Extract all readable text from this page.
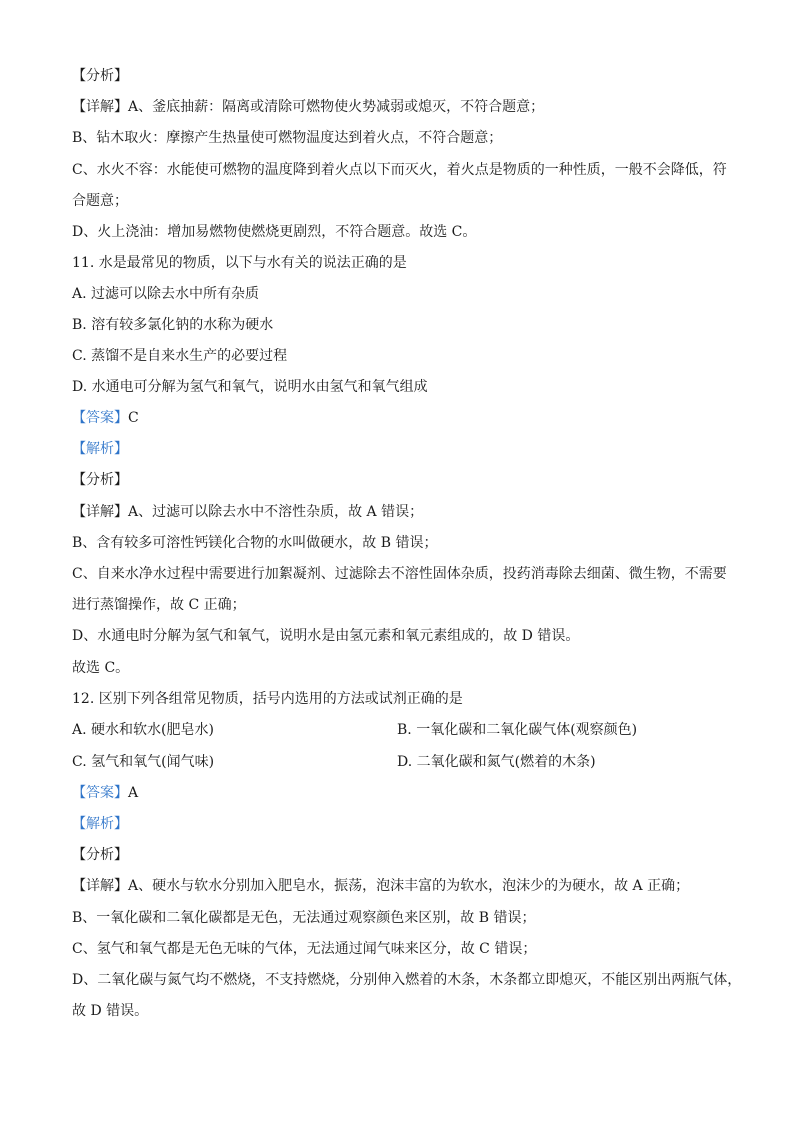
【分析】
【详解】A、釜底抽薪：隔离或清除可燃物使火势减弱或熄灭，不符合题意；
B、钻木取火：摩擦产生热量使可燃物温度达到着火点，不符合题意；
C、水火不容：水能使可燃物的温度降到着火点以下而灭火，着火点是物质的一种性质，一般不会降低，符
合题意；
D、火上浇油：增加易燃物使燃烧更剧烈，不符合题意。故选 C。
11. 水是最常见的物质，以下与水有关的说法正确的是
A. 过滤可以除去水中所有杂质
B. 溶有较多氯化钠的水称为硬水
C. 蒸馏不是自来水生产的必要过程
D. 水通电可分解为氢气和氧气，说明水由氢气和氧气组成
【答案】C
【解析】
【分析】
【详解】A、过滤可以除去水中不溶性杂质，故 A 错误；
B、含有较多可溶性钙镁化合物的水叫做硬水，故 B 错误；
C、自来水净水过程中需要进行加絮凝剂、过滤除去不溶性固体杂质，投药消毒除去细菌、微生物，不需要
进行蒸馏操作，故 C 正确；
D、水通电时分解为氢气和氧气，说明水是由氢元素和氧元素组成的，故 D 错误。
故选 C。
12. 区别下列各组常见物质，括号内选用的方法或试剂正确的是
A. 硬水和软水(肥皂水)	B. 一氧化碳和二氧化碳气体(观察颜色)
C. 氢气和氧气(闻气味)	D. 二氧化碳和氮气(燃着的木条)
【答案】A
【解析】
【分析】
【详解】A、硬水与软水分别加入肥皂水，振荡，泡沫丰富的为软水，泡沫少的为硬水，故 A 正确；
B、一氧化碳和二氧化碳都是无色，无法通过观察颜色来区别，故 B 错误；
C、氢气和氧气都是无色无味的气体，无法通过闻气味来区分，故 C 错误；
D、二氧化碳与氮气均不燃烧，不支持燃烧，分别伸入燃着的木条，木条都立即熄灭，不能区别出两瓶气体，
故 D 错误。
